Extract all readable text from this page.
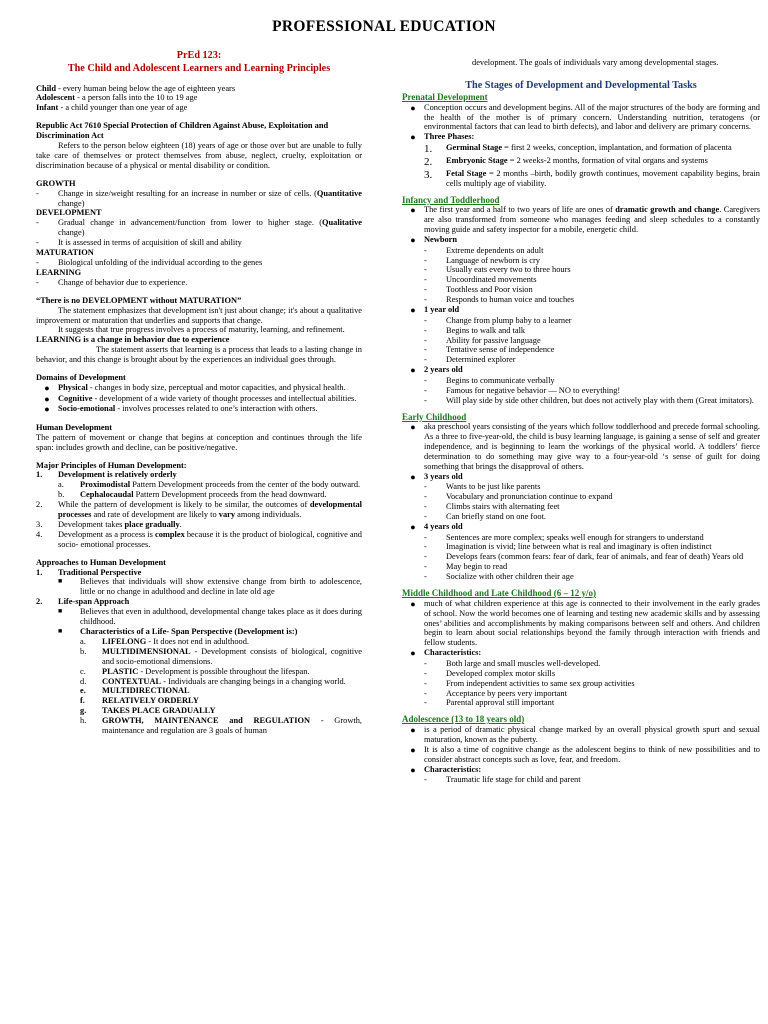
PROFESSIONAL EDUCATION
PrEd 123:
The Child and Adolescent Learners and Learning Principles
Child - every human being below the age of eighteen years
Adolescent - a person falls into the 10 to 19 age
Infant - a child younger than one year of age
Republic Act 7610 Special Protection of Children Against Abuse, Exploitation and Discrimination Act

Refers to the person below eighteen (18) years of age or those over but are unable to fully take care of themselves or protect themselves from abuse, neglect, cruelty, exploitation or discrimination because of a physical or mental disability or condition.

GROWTH
-	Change in size/weight resulting for an increase in number or size of cells. (Quantitative change)
DEVELOPMENT
-	Gradual change in advancement/function from lower to higher stage. (Qualitative change)
-	It is assessed in terms of acquisition of skill and ability
MATURATION
-	Biological unfolding of the individual according to the genes
LEARNING
-	Change of behavior due to experience.
“There is no DEVELOPMENT without MATURATION”

The statement emphasizes that development isn't just about change; it's about a qualitative improvement or maturation that underlies and supports that change.

It suggests that true progress involves a process of maturity, learning, and refinement.

LEARNING is a change in behavior due to experience

The statement asserts that learning is a process that leads to a lasting change in behavior, and this change is brought about by the experiences an individual goes through.

Domains of Development
● Physical - changes in body size, perceptual and motor capacities, and physical health.
● Cognitive - development of a wide variety of thought processes and intellectual abilities.
● Socio-emotional - involves processes related to one’s interaction with others.
Human Development

The pattern of movement or change that begins at conception and continues through the life span: includes growth and decline, can be positive/negative.

Major Principles of Human Development:
1.	Development is relatively orderly
a.	Proximodistal Pattern Development proceeds from the center of the body outward.
b.	Cephalocaudal Pattern Development proceeds from the head downward.
2.	While the pattern of development is likely to be similar, the outcomes of developmental processes and rate of development are likely to vary among individuals.
3.	Development takes place gradually.
4.	Development as a process is complex because it is the product of biological, cognitive and socio- emotional processes.
Approaches to Human Development
1.	Traditional Perspective
■	Believes that individuals will show extensive change from birth to adolescence, little or no change in adulthood and decline in late old age
2.	Life-span Approach
■	Believes that even in adulthood, developmental change takes place as it does during childhood.
■	Characteristics of a Life- Span Perspective (Development is:)
a.	LIFELONG - It does not end in adulthood.
b.	MULTIDIMENSIONAL - Development consists of biological, cognitive and socio-emotional dimensions.
c.	PLASTIC - Development is possible throughout the lifespan.
d.	CONTEXTUAL - Individuals are changing beings in a changing world.
e.	MULTIDIRECTIONAL
f.	RELATIVELY ORDERLY
g.	TAKES PLACE GRADUALLY
h.	GROWTH, MAINTENANCE and REGULATION - Growth, maintenance and regulation are 3 goals of human
development. The goals of individuals vary among developmental stages.
The Stages of Development and Developmental Tasks
Prenatal Development
● Conception occurs and development begins. All of the major structures of the body are forming and the health of the mother is of primary concern. Understanding nutrition, teratogens (or environmental factors that can lead to birth defects), and labor and delivery are primary concerns.
● Three Phases:
1.	Germinal Stage = first 2 weeks, conception, implantation, and formation of placenta
2.	Embryonic Stage = 2 weeks-2 months, formation of vital organs and systems
3.	Fetal Stage = 2 months –birth, bodily growth continues, movement capability begins, brain cells multiply age of viability.
Infancy and Toddlerhood
● The first year and a half to two years of life are ones of dramatic growth and change. Caregivers are also transformed from someone who manages feeding and sleep schedules to a constantly moving guide and safety inspector for a mobile, energetic child.
● Newborn
-	Extreme dependents on adult
-	Language of newborn is cry
-	Usually eats every two to three hours
-	Uncoordinated movements
-	Toothless and Poor vision
-	Responds to human voice and touches
● 1 year old
-	Change from plump baby to a learner
-	Begins to walk and talk
-	Ability for passive language
-	Tentative sense of independence
-	Determined explorer
● 2 years old
-	Begins to communicate verbally
-	Famous for negative behavior — NO to everything!
-	Will play side by side other children, but does not actively play with them (Great imitators).
Early Childhood
● aka preschool years consisting of the years which follow toddlerhood and precede formal schooling. As a three to five-year-old, the child is busy learning language, is gaining a sense of self and greater independence, and is beginning to learn the workings of the physical world. A toddlers’ fierce determination to do something may give way to a four-year-old ‘s sense of guilt for doing something that brings the disapproval of others.
● 3 years old
-	Wants to be just like parents
-	Vocabulary and pronunciation continue to expand
-	Climbs stairs with alternating feet
-	Can briefly stand on one foot.
● 4 years old
-	Sentences are more complex; speaks well enough for strangers to understand
-	Imagination is vivid; line between what is real and imaginary is often indistinct
-	Develops fears (common fears: fear of dark, fear of animals, and fear of death) Years old
-	May begin to read
-	Socialize with other children their age
Middle Childhood and Late Childhood (6 – 12 y/o)
● much of what children experience at this age is connected to their involvement in the early grades of school. Now the world becomes one of learning and testing new academic skills and by assessing ones’ abilities and accomplishments by making comparisons between self and others. And children begin to learn about social relationships beyond the family through interaction with friends and fellow students.
● Characteristics:
-	Both large and small muscles well-developed.
-	Developed complex motor skills
-	From independent activities to same sex group activities
-	Acceptance by peers very important
-	Parental approval still important
Adolescence (13 to 18 years old)
● is a period of dramatic physical change marked by an overall physical growth spurt and sexual maturation, known as the puberty.
● It is also a time of cognitive change as the adolescent begins to think of new possibilities and to consider abstract concepts such as love, fear, and freedom.
● Characteristics:
-	Traumatic life stage for child and parent
